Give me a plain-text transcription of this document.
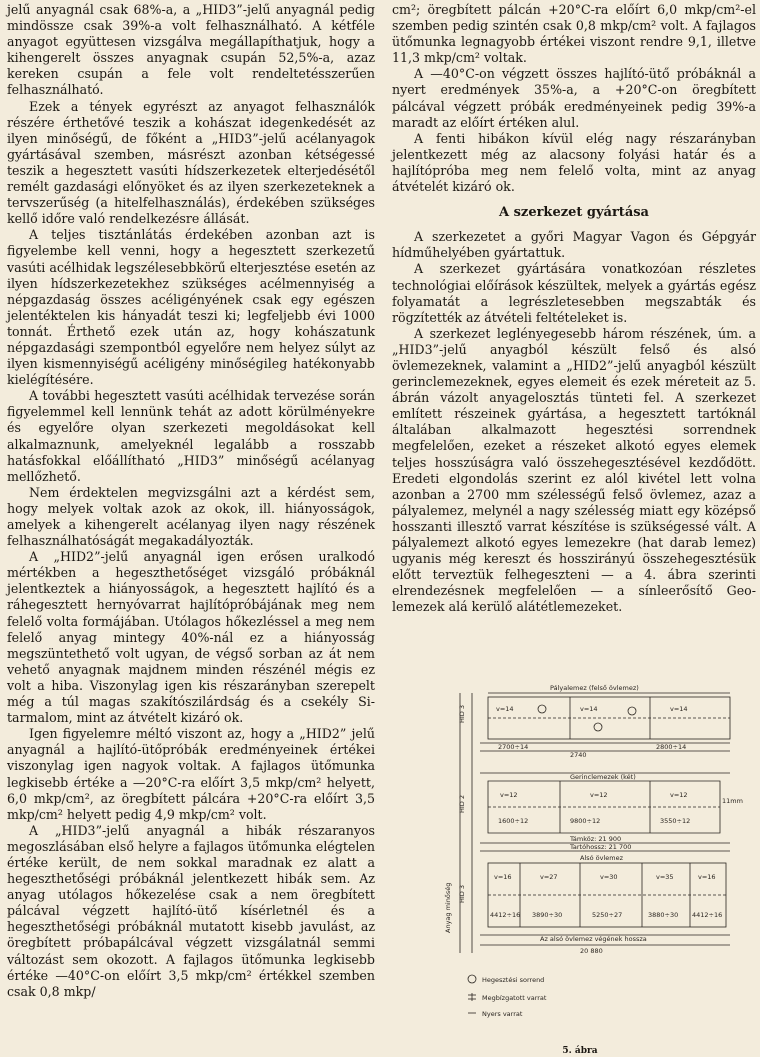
jelű anyagnál csak 68%-a, a „HID3”-jelű anyagnál pedig mindössze csak 39%-a volt felhasználható. A kétféle anyagot együttesen vizsgálva megállapíthatjuk, hogy a kihengerelt összes anyagnak csupán 52,5%-a, azaz kereken csupán a fele volt rendeltetésszerűen felhasználható.

Ezek a tények egyrészt az anyagot felhasználók részére érthetővé teszik a kohászat idegenkedését az ilyen minőségű, de főként a „HID3”-jelű acélanyagok gyártásával szemben, másrészt azonban kétségessé teszik a hegesztett vasúti hídszerkezetek elterjedésétől remélt gazdasági előnyöket és az ilyen szerkezeteknek a tervszerűség (a hitelfelhasználás), érdekében szükséges kellő időre való rendelkezésre állását.

A teljes tisztánlátás érdekében azonban azt is figyelembe kell venni, hogy a hegesztett szerkezetű vasúti acélhidak legszélesebbkörű elterjesztése esetén az ilyen hídszerkezetekhez szükséges acélmennyiség a népgazdaság összes acéligényének csak egy egészen jelentéktelen kis hányadát teszi ki; legfeljebb évi 1000 tonnát. Érthető ezek után az, hogy kohászatunk népgazdasági szempontból egyelőre nem helyez súlyt az ilyen kismennyiségű acéligény minőségileg hatékonyabb kielégítésére.

A további hegesztett vasúti acélhidak tervezése során figyelemmel kell lennünk tehát az adott körülményekre és egyelőre olyan szerkezeti megoldásokat kell alkalmaznunk, amelyeknél legalább a rosszabb hatásfokkal előállítható „HID3” minőségű acélanyag mellőzhető.

Nem érdektelen megvizsgálni azt a kérdést sem, hogy melyek voltak azok az okok, ill. hiányosságok, amelyek a kihengerelt acélanyag ilyen nagy részének felhasználhatóságát megakadályozták.

A „HID2”-jelű anyagnál igen erősen uralkodó mértékben a hegeszthetőséget vizsgáló próbáknál jelentkeztek a hiányosságok, a hegesztett hajlító és a ráhegesztett hernyóvarrat hajlítópróbájának meg nem felelő volta formájában. Utólagos hőkezléssel a meg nem felelő anyag mintegy 40%-nál ez a hiányosság megszüntethető volt ugyan, de végső sorban az át nem vehető anyagnak majdnem minden részénél mégis ez volt a hiba. Viszonylag igen kis részarányban szerepelt még a túl magas szakítószilárdság és a csekély Si-tarmalom, mint az átvételt kizáró ok.

Igen figyelemre méltó viszont az, hogy a „HID2” jelű anyagnál a hajlító-ütőpróbák eredményeinek értékei viszonylag igen nagyok voltak. A fajlagos ütőmunka legkisebb értéke a —20°C-ra előírt 3,5 mkp/cm² helyett, 6,0 mkp/cm², az öregbített pálcára +20°C-ra előírt 3,5 mkp/cm² helyett pedig 4,9 mkp/cm² volt.

A „HID3”-jelű anyagnál a hibák részaranyos megoszlásában első helyre a fajlagos ütőmunka elégtelen értéke került, de nem sokkal maradnak ez alatt a hegeszthetőségi próbáknál jelentkezett hibák sem. Az anyag utólagos hőkezelése csak a nem öregbített pálcával végzett hajlító-ütő kísérletnél és a hegeszthetőségi próbáknál mutatott kisebb javulást, az öregbített próbapálcával végzett vizsgálatnál semmi változást sem okozott. A fajlagos ütőmunka legkisebb értéke —40°C-on előírt 3,5 mkp/cm² értékkel szemben csak 0,8 mkp/

cm²; öregbített pálcán +20°C-ra előírt 6,0 mkp/cm²-el szemben pedig szintén csak 0,8 mkp/cm² volt. A fajlagos ütőmunka legnagyobb értékei viszont rendre 9,1, illetve 11,3 mkp/cm² voltak.

A —40°C-on végzett összes hajlító-ütő próbáknál a nyert eredmények 35%-a, a +20°C-on öregbített pálcával végzett próbák eredményeinek pedig 39%-a maradt az előírt értéken alul.

A fenti hibákon kívül elég nagy részarányban jelentkezett még az alacsony folyási határ és a hajlítópróba meg nem felelő volta, mint az anyag átvételét kizáró ok.

A szerkezet gyártása

A szerkezetet a győri Magyar Vagon és Gépgyár hídműhelyében gyártattuk.

A szerkezet gyártására vonatkozóan részletes technológiai előírások készültek, melyek a gyártás egész folyamatát a legrészletesebben megszabták és rögzítették az átvételi feltételeket is.

A szerkezet leglényegesebb három részének, úm. a „HID3”-jelű anyagból készült felső és alsó övlemezeknek, valamint a „HID2”-jelű anyagból készült gerinclemezeknek, egyes elemeit és ezek méreteit az 5. ábrán vázolt anyagelosztás tünteti fel. A szerkezet említett részeinek gyártása, a hegesztett tartóknál általában alkalmazott hegesztési sorrendnek megfelelően, ezeket a részeket alkotó egyes elemek teljes hosszúságra való összehegesztésével kezdődött. Eredeti elgondolás szerint ez alól kivétel lett volna azonban a 2700 mm szélességű felső övlemez, azaz a pályalemez, melynél a nagy szélesség miatt egy középső hosszanti illesztő varrat készítése is szükségessé vált. A pályalemezt alkotó egyes lemezekre (hat darab lemez) ugyanis még kereszt és hosszirányú összehegesztésük előtt terveztük felhegeszteni — a 4. ábra szerinti elrendezésnek megfelelően — a sínleerősítő Geo-lemezek alá kerülő alátétlemezeket.

Pályalemez (felső övlemez)
HID 3
HID 2
HID 3
Anyag minőség
v=14	v=14	v=14
2700÷14
2740
2800÷14
Gerinclemezek (két)
v=12	v=12	v=12
1600÷12	9800÷12	3550÷12
11mm
Támköz: 21 900
Tartóhossz: 21 700
Alsó övlemez
v=16	v=27	v=30	v=35	v=16
4412÷16 3890÷30	5250÷27	3880÷30 4412÷16
Az alsó övlemez végének hossza
20 880
Hegesztési sorrend
Megbízgatott varrat
Nyers varrat
5. ábra
